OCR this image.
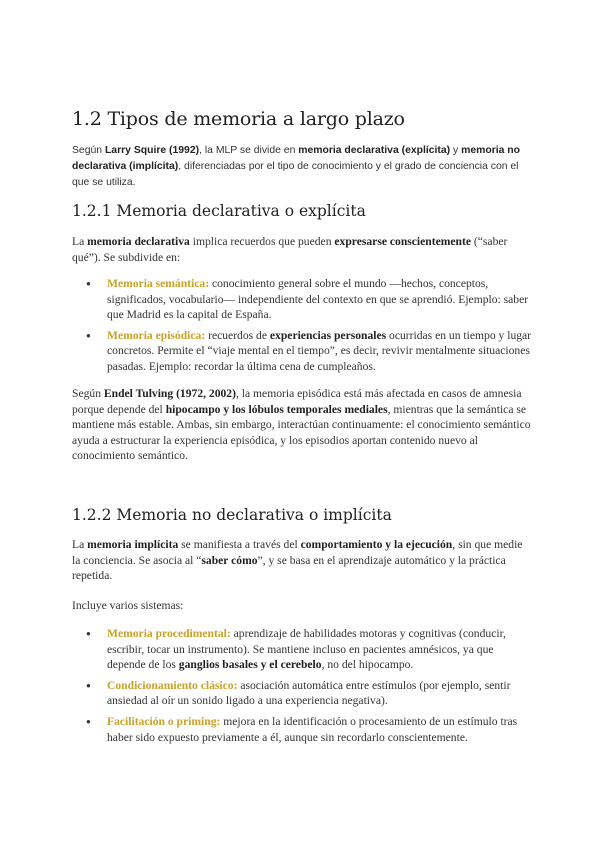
1.2 Tipos de memoria a largo plazo

Según Larry Squire (1992), la MLP se divide en memoria declarativa (explícita) y memoria no declarativa (implícita), diferenciadas por el tipo de conocimiento y el grado de conciencia con el que se utiliza.

1.2.1 Memoria declarativa o explícita

La memoria declarativa implica recuerdos que pueden expresarse conscientemente (“saber qué”). Se subdivide en:

● Memoria semántica: conocimiento general sobre el mundo —hechos, conceptos, significados, vocabulario— independiente del contexto en que se aprendió. Ejemplo: saber que Madrid es la capital de España.
● Memoria episódica: recuerdos de experiencias personales ocurridas en un tiempo y lugar concretos. Permite el “viaje mental en el tiempo”, es decir, revivir mentalmente situaciones pasadas. Ejemplo: recordar la última cena de cumpleaños.

Según Endel Tulving (1972, 2002), la memoria episódica está más afectada en casos de amnesia porque depende del hipocampo y los lóbulos temporales mediales, mientras que la semántica se mantiene más estable. Ambas, sin embargo, interactúan continuamente: el conocimiento semántico ayuda a estructurar la experiencia episódica, y los episodios aportan contenido nuevo al conocimiento semántico.

1.2.2 Memoria no declarativa o implícita

La memoria implícita se manifiesta a través del comportamiento y la ejecución, sin que medie la conciencia. Se asocia al “saber cómo”, y se basa en el aprendizaje automático y la práctica repetida.

Incluye varios sistemas:

● Memoria procedimental: aprendizaje de habilidades motoras y cognitivas (conducir, escribir, tocar un instrumento). Se mantiene incluso en pacientes amnésicos, ya que depende de los ganglios basales y el cerebelo, no del hipocampo.
● Condicionamiento clásico: asociación automática entre estímulos (por ejemplo, sentir ansiedad al oír un sonido ligado a una experiencia negativa).
● Facilitación o priming: mejora en la identificación o procesamiento de un estímulo tras haber sido expuesto previamente a él, aunque sin recordarlo conscientemente.
